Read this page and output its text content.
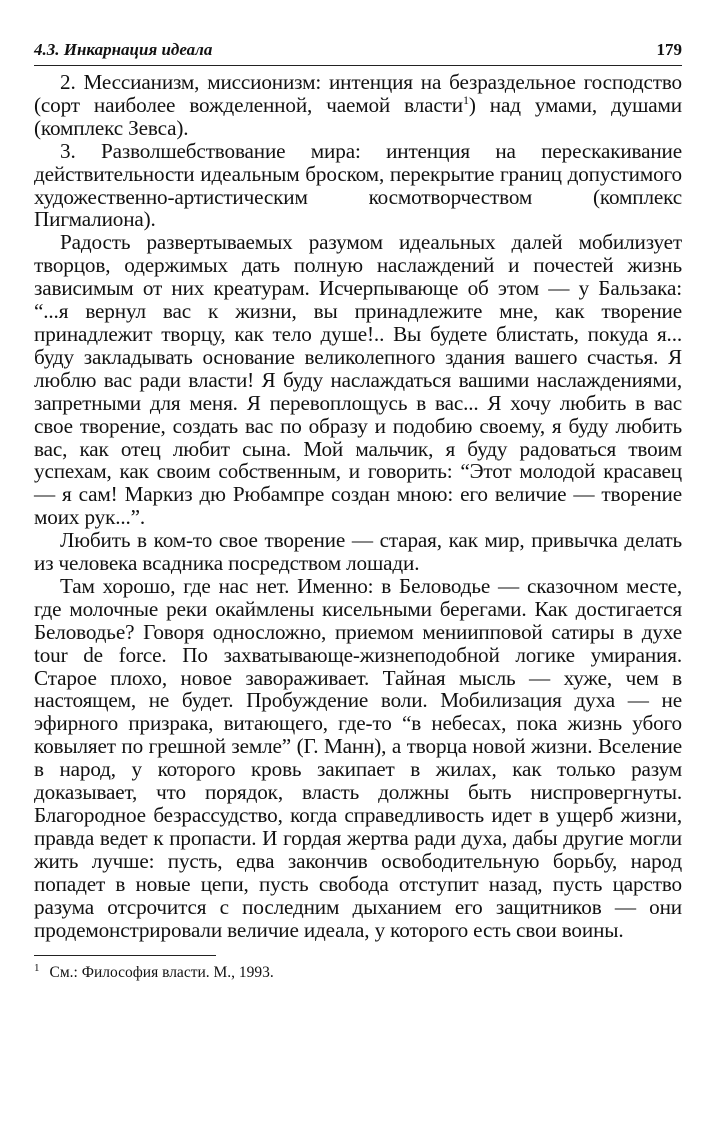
4.3. Инкарнация идеала	179

2. Мессианизм, миссионизм: интенция на безраздельное господство (сорт наиболее вожделенной, чаемой власти$^1$) над умами, душами (комплекс Зевса).

3. Разволшебствование мира: интенция на перескакивание действительности идеальным броском, перекрытие границ допустимого художественно-артистическим космотворчеством (комплекс Пигмалиона).

Радость развертываемых разумом идеальных далей мобилизует творцов, одержимых дать полную наслаждений и почестей жизнь зависимым от них креатурам. Исчерпывающе об этом — у Бальзака: “...я вернул вас к жизни, вы принадлежите мне, как творение принадлежит творцу, как тело душе!.. Вы будете блистать, покуда я... буду закладывать основание великолепного здания вашего счастья. Я люблю вас ради власти! Я буду наслаждаться вашими наслаждениями, запретными для меня. Я перевоплощусь в вас... Я хочу любить в вас свое творение, создать вас по образу и подобию своему, я буду любить вас, как отец любит сына. Мой мальчик, я буду радоваться твоим успехам, как своим собственным, и говорить: “Этот молодой красавец — я сам! Маркиз дю Рюбампре создан мною: его величие — творение моих рук...”.

Любить в ком-то свое творение — старая, как мир, привычка делать из человека всадника посредством лошади.

Там хорошо, где нас нет. Именно: в Беловодье — сказочном месте, где молочные реки окаймлены кисельными берегами. Как достигается Беловодье? Говоря односложно, приемом мениипповой сатиры в духе tour de force. По захватывающе-жизнеподобной логике умирания. Старое плохо, новое завораживает. Тайная мысль — хуже, чем в настоящем, не будет. Пробуждение воли. Мобилизация духа — не эфирного призрака, витающего, где-то “в небесах, пока жизнь убого ковыляет по грешной земле” (Г. Манн), а творца новой жизни. Вселение в народ, у которого кровь закипает в жилах, как только разум доказывает, что порядок, власть должны быть ниспровергнуты. Благородное безрассудство, когда справедливость идет в ущерб жизни, правда ведет к пропасти. И гордая жертва ради духа, дабы другие могли жить лучше: пусть, едва закончив освободительную борьбу, народ попадет в новые цепи, пусть свобода отступит назад, пусть царство разума отсрочится с последним дыханием его защитников — они продемонстрировали величие идеала, у которого есть свои воины.

$^1$ См.: Философия власти. М., 1993.
